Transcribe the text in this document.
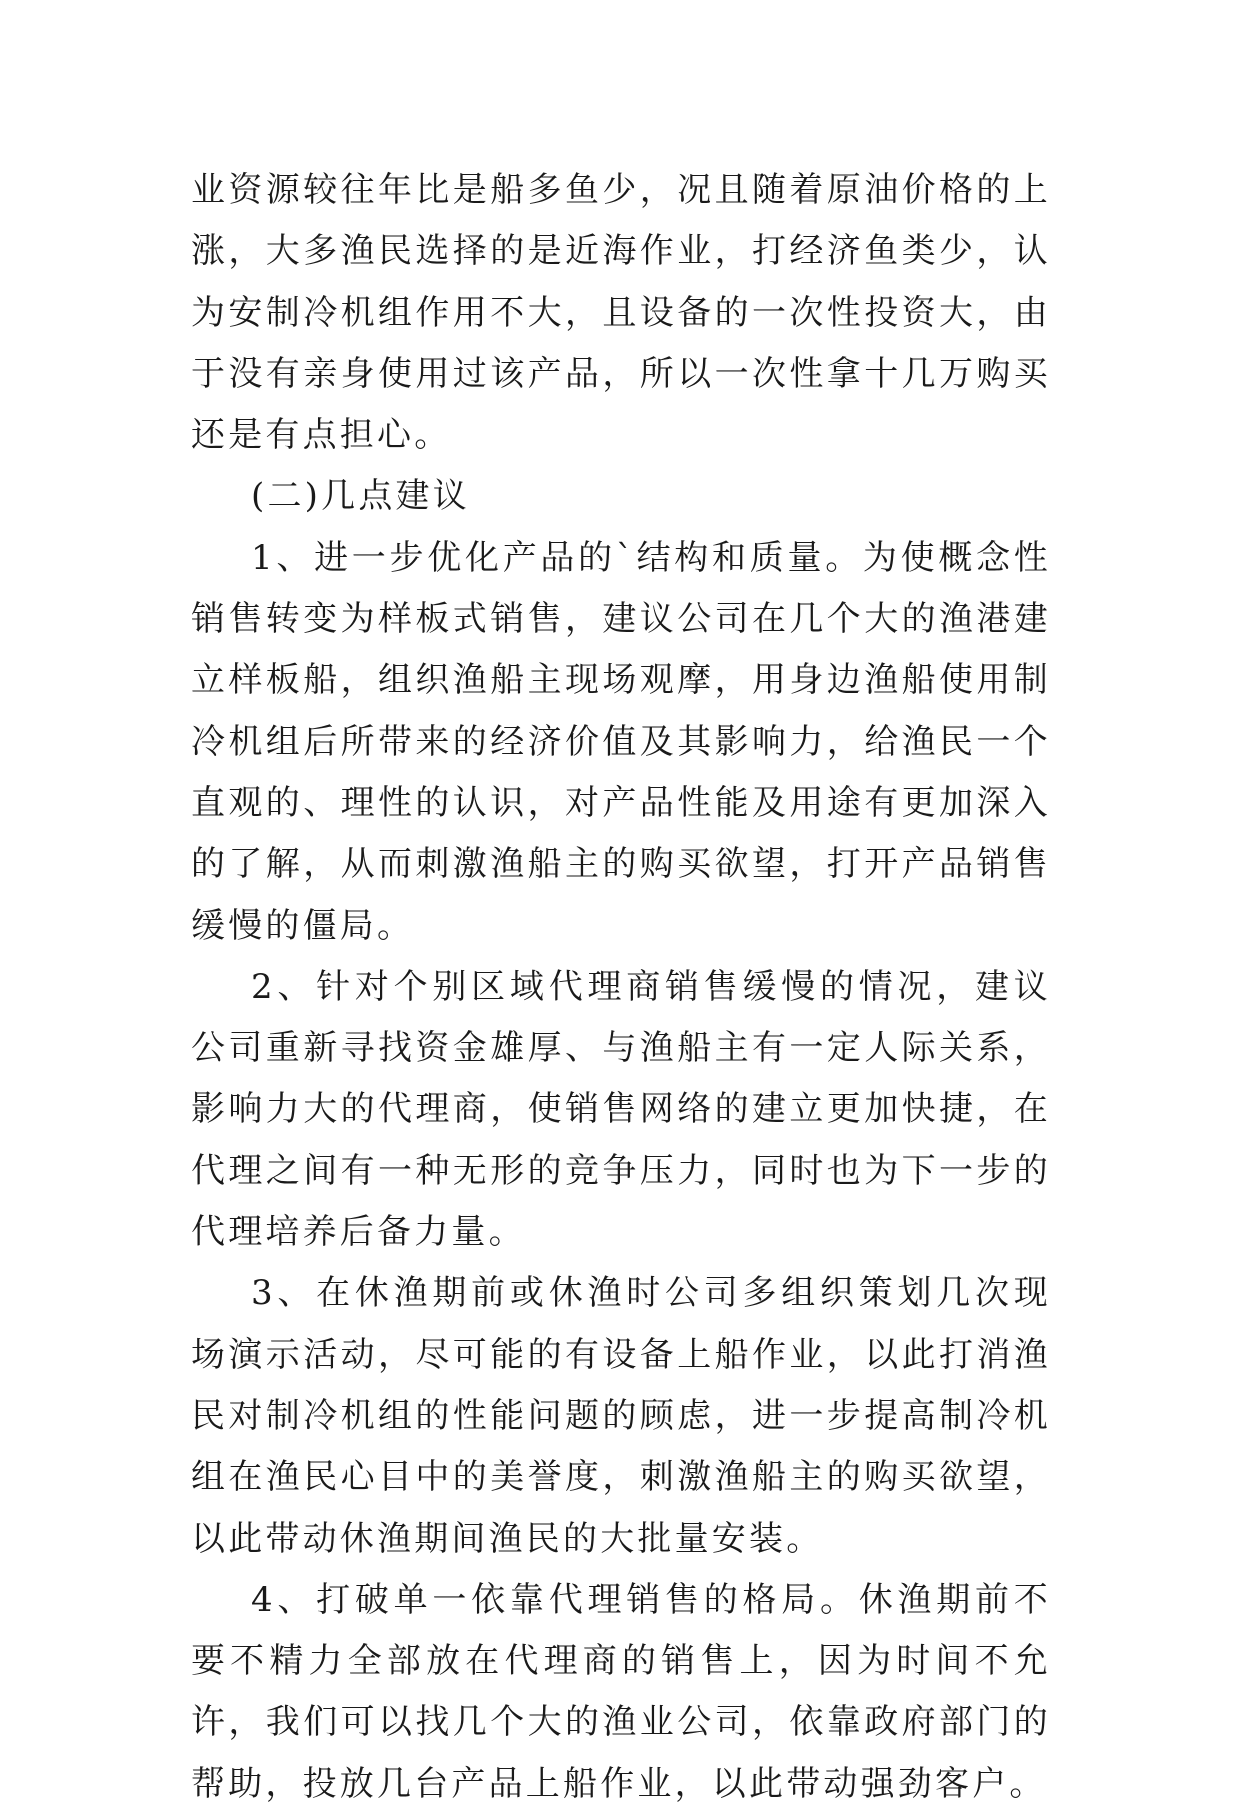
业资源较往年比是船多鱼少，况且随着原油价格的上涨，大多渔民选择的是近海作业，打经济鱼类少，认为安制冷机组作用不大，且设备的一次性投资大，由于没有亲身使用过该产品，所以一次性拿十几万购买还是有点担心。

(二)几点建议

1、进一步优化产品的`结构和质量。为使概念性销售转变为样板式销售，建议公司在几个大的渔港建立样板船，组织渔船主现场观摩，用身边渔船使用制冷机组后所带来的经济价值及其影响力，给渔民一个直观的、理性的认识，对产品性能及用途有更加深入的了解，从而刺激渔船主的购买欲望，打开产品销售缓慢的僵局。

2、针对个别区域代理商销售缓慢的情况，建议公司重新寻找资金雄厚、与渔船主有一定人际关系，影响力大的代理商，使销售网络的建立更加快捷，在代理之间有一种无形的竞争压力，同时也为下一步的代理培养后备力量。

3、在休渔期前或休渔时公司多组织策划几次现场演示活动，尽可能的有设备上船作业，以此打消渔民对制冷机组的性能问题的顾虑，进一步提高制冷机组在渔民心目中的美誉度，刺激渔船主的购买欲望，以此带动休渔期间渔民的大批量安装。

4、打破单一依靠代理销售的格局。休渔期前不要不精力全部放在代理商的销售上，因为时间不允许，我们可以找几个大的渔业公司，依靠政府部门的帮助，投放几台产品上船作业，以此带动强劲客户。
